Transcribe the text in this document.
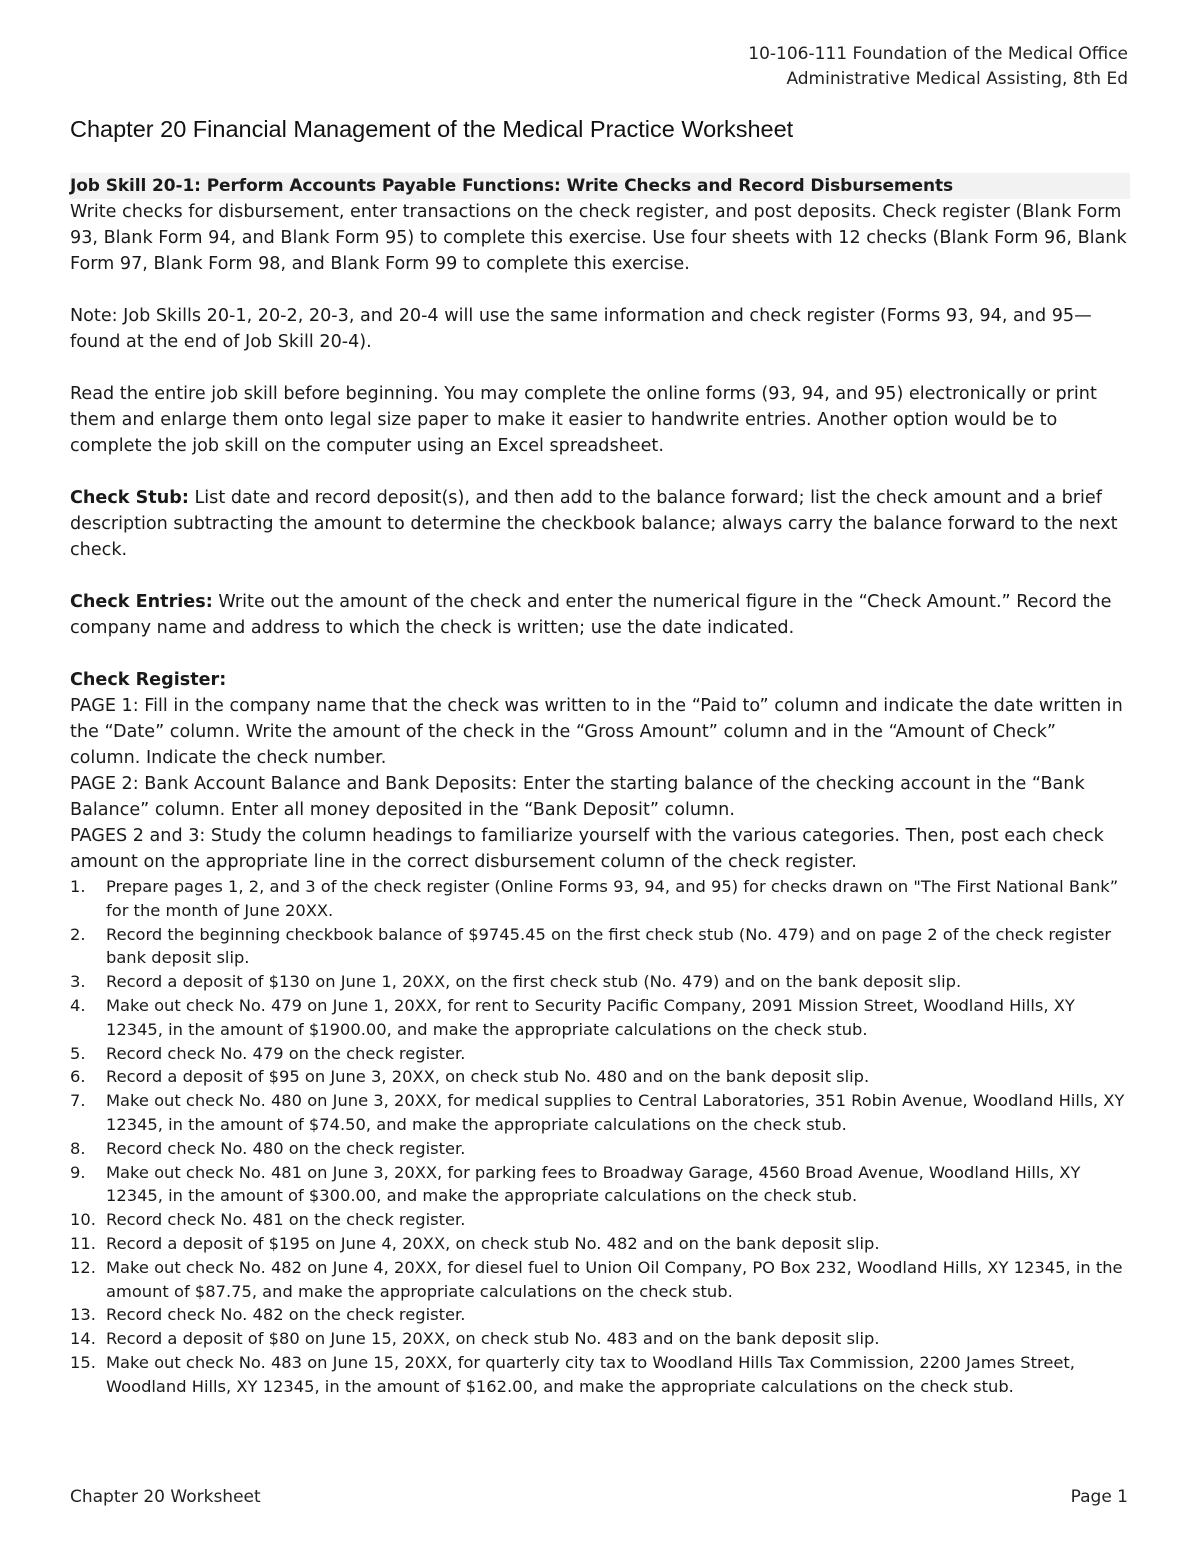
10-106-111 Foundation of the Medical Office
Administrative Medical Assisting, 8th Ed
Chapter 20 Financial Management of the Medical Practice Worksheet
Job Skill 20-1: Perform Accounts Payable Functions: Write Checks and Record Disbursements

Write checks for disbursement, enter transactions on the check register, and post deposits. Check register (Blank Form 93, Blank Form 94, and Blank Form 95) to complete this exercise. Use four sheets with 12 checks (Blank Form 96, Blank Form 97, Blank Form 98, and Blank Form 99 to complete this exercise.

Note: Job Skills 20-1, 20-2, 20-3, and 20-4 will use the same information and check register (Forms 93, 94, and 95—found at the end of Job Skill 20-4).

Read the entire job skill before beginning. You may complete the online forms (93, 94, and 95) electronically or print them and enlarge them onto legal size paper to make it easier to handwrite entries. Another option would be to complete the job skill on the computer using an Excel spreadsheet.

Check Stub: List date and record deposit(s), and then add to the balance forward; list the check amount and a brief description subtracting the amount to determine the checkbook balance; always carry the balance forward to the next check.

Check Entries: Write out the amount of the check and enter the numerical figure in the “Check Amount.” Record the company name and address to which the check is written; use the date indicated.

Check Register:

PAGE 1: Fill in the company name that the check was written to in the “Paid to” column and indicate the date written in the “Date” column. Write the amount of the check in the “Gross Amount” column and in the “Amount of Check” column. Indicate the check number.

PAGE 2: Bank Account Balance and Bank Deposits: Enter the starting balance of the checking account in the “Bank Balance” column. Enter all money deposited in the “Bank Deposit” column.

PAGES 2 and 3: Study the column headings to familiarize yourself with the various categories. Then, post each check amount on the appropriate line in the correct disbursement column of the check register.

1. Prepare pages 1, 2, and 3 of the check register (Online Forms 93, 94, and 95) for checks drawn on "The First National Bank” for the month of June 20XX.
2. Record the beginning checkbook balance of $9745.45 on the first check stub (No. 479) and on page 2 of the check register bank deposit slip.
3. Record a deposit of $130 on June 1, 20XX, on the first check stub (No. 479) and on the bank deposit slip.
4. Make out check No. 479 on June 1, 20XX, for rent to Security Pacific Company, 2091 Mission Street, Woodland Hills, XY 12345, in the amount of $1900.00, and make the appropriate calculations on the check stub.
5. Record check No. 479 on the check register.
6. Record a deposit of $95 on June 3, 20XX, on check stub No. 480 and on the bank deposit slip.
7. Make out check No. 480 on June 3, 20XX, for medical supplies to Central Laboratories, 351 Robin Avenue, Woodland Hills, XY 12345, in the amount of $74.50, and make the appropriate calculations on the check stub.
8. Record check No. 480 on the check register.
9. Make out check No. 481 on June 3, 20XX, for parking fees to Broadway Garage, 4560 Broad Avenue, Woodland Hills, XY 12345, in the amount of $300.00, and make the appropriate calculations on the check stub.
10. Record check No. 481 on the check register.
11. Record a deposit of $195 on June 4, 20XX, on check stub No. 482 and on the bank deposit slip.
12. Make out check No. 482 on June 4, 20XX, for diesel fuel to Union Oil Company, PO Box 232, Woodland Hills, XY 12345, in the amount of $87.75, and make the appropriate calculations on the check stub.
13. Record check No. 482 on the check register.
14. Record a deposit of $80 on June 15, 20XX, on check stub No. 483 and on the bank deposit slip.
15. Make out check No. 483 on June 15, 20XX, for quarterly city tax to Woodland Hills Tax Commission, 2200 James Street, Woodland Hills, XY 12345, in the amount of $162.00, and make the appropriate calculations on the check stub.
Chapter 20 Worksheet	Page 1
